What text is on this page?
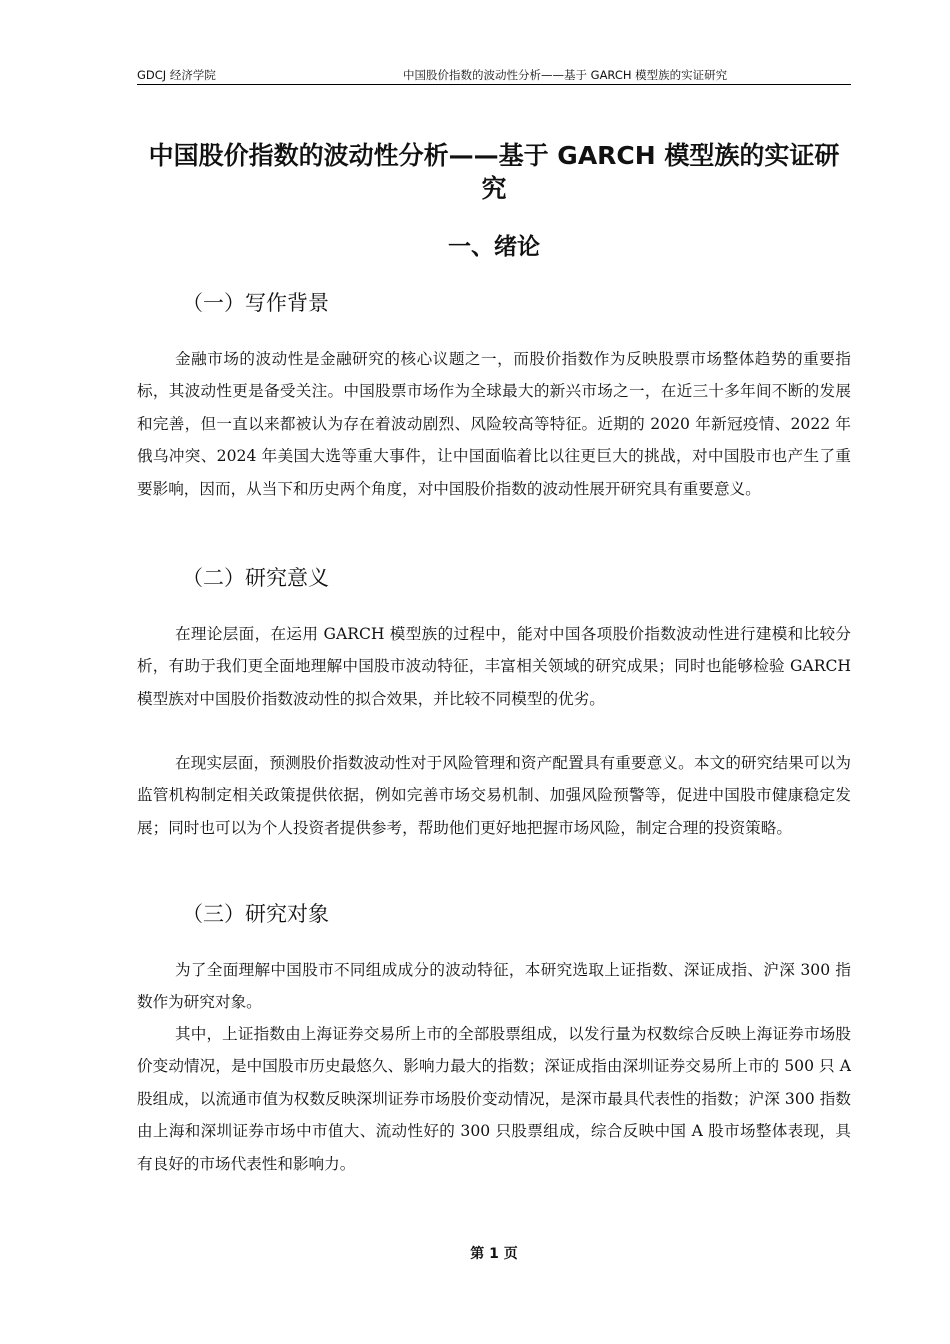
GDCJ 经济学院	中国股价指数的波动性分析——基于 GARCH 模型族的实证研究
中国股价指数的波动性分析——基于 GARCH 模型族的实证研究
一、绪论
（一）写作背景

金融市场的波动性是金融研究的核心议题之一，而股价指数作为反映股票市场整体趋势的重要指标，其波动性更是备受关注。中国股票市场作为全球最大的新兴市场之一，在近三十多年间不断的发展和完善，但一直以来都被认为存在着波动剧烈、风险较高等特征。近期的 2020 年新冠疫情、2022 年俄乌冲突、2024 年美国大选等重大事件，让中国面临着比以往更巨大的挑战，对中国股市也产生了重要影响，因而，从当下和历史两个角度，对中国股价指数的波动性展开研究具有重要意义。

（二）研究意义

在理论层面，在运用 GARCH 模型族的过程中，能对中国各项股价指数波动性进行建模和比较分析，有助于我们更全面地理解中国股市波动特征，丰富相关领域的研究成果；同时也能够检验 GARCH 模型族对中国股价指数波动性的拟合效果，并比较不同模型的优劣。

在现实层面，预测股价指数波动性对于风险管理和资产配置具有重要意义。本文的研究结果可以为监管机构制定相关政策提供依据，例如完善市场交易机制、加强风险预警等，促进中国股市健康稳定发展；同时也可以为个人投资者提供参考，帮助他们更好地把握市场风险，制定合理的投资策略。

（三）研究对象

为了全面理解中国股市不同组成成分的波动特征，本研究选取上证指数、深证成指、沪深 300 指数作为研究对象。

其中，上证指数由上海证券交易所上市的全部股票组成，以发行量为权数综合反映上海证券市场股价变动情况，是中国股市历史最悠久、影响力最大的指数；深证成指由深圳证券交易所上市的 500 只 A 股组成，以流通市值为权数反映深圳证券市场股价变动情况，是深市最具代表性的指数；沪深 300 指数由上海和深圳证券市场中市值大、流动性好的 300 只股票组成，综合反映中国 A 股市场整体表现，具有良好的市场代表性和影响力。

第 1 页
